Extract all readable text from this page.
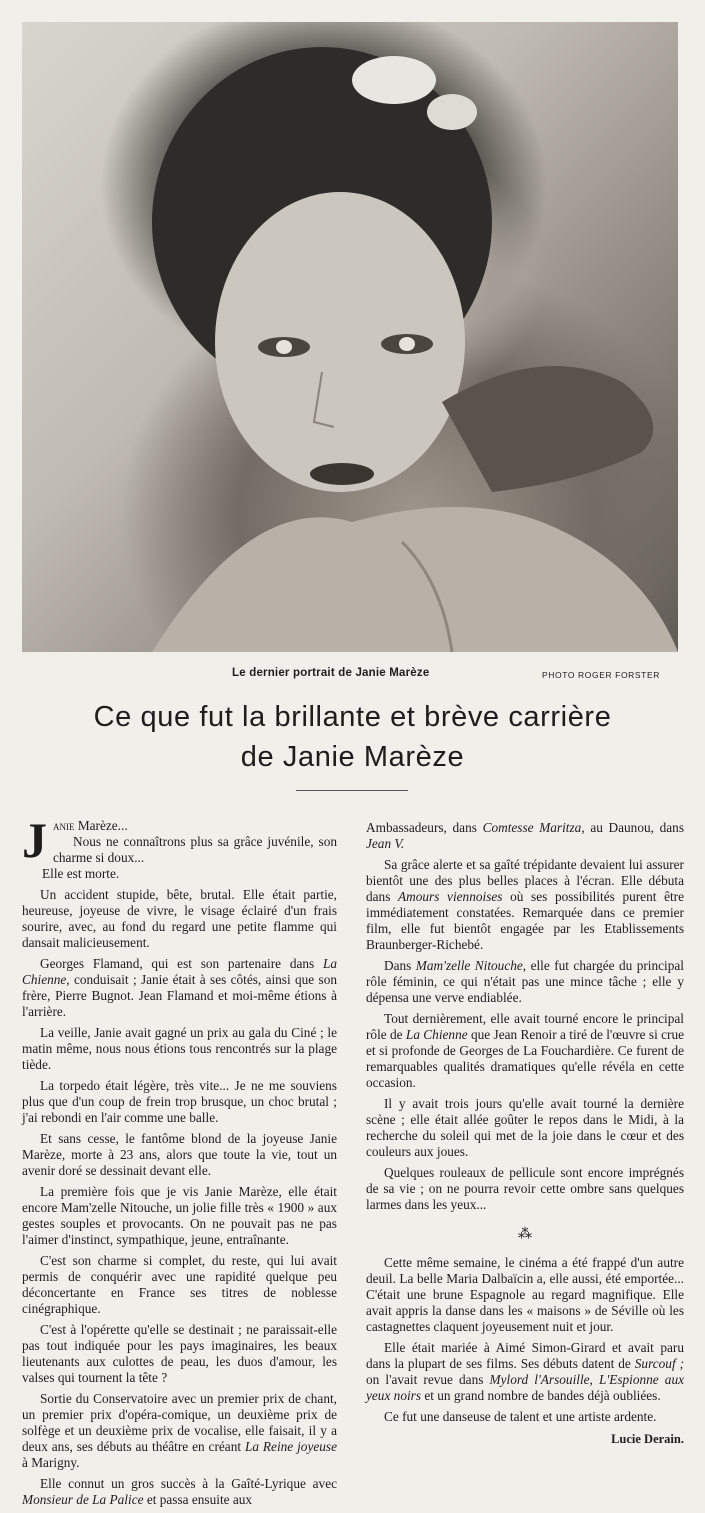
Le dernier portrait de Janie Marèze	PHOTO ROGER FORSTER
Ce que fut la brillante et brève carrière
de Janie Marèze

Janie Marèze...
Nous ne connaîtrons plus sa grâce juvénile, son charme si doux...
Elle est morte.

Un accident stupide, bête, brutal. Elle était partie, heureuse, joyeuse de vivre, le visage éclairé d'un frais sourire, avec, au fond du regard une petite flamme qui dansait malicieusement.

Georges Flamand, qui est son partenaire dans La Chienne, conduisait ; Janie était à ses côtés, ainsi que son frère, Pierre Bugnot. Jean Flamand et moi-même étions à l'arrière.

La veille, Janie avait gagné un prix au gala du Ciné ; le matin même, nous nous étions tous rencontrés sur la plage tiède.

La torpedo était légère, très vite... Je ne me souviens plus que d'un coup de frein trop brusque, un choc brutal ; j'ai rebondi en l'air comme une balle.

Et sans cesse, le fantôme blond de la joyeuse Janie Marèze, morte à 23 ans, alors que toute la vie, tout un avenir doré se dessinait devant elle.

La première fois que je vis Janie Marèze, elle était encore Mam'zelle Nitouche, un jolie fille très « 1900 » aux gestes souples et provocants. On ne pouvait pas ne pas l'aimer d'instinct, sympathique, jeune, entraînante.

C'est son charme si complet, du reste, qui lui avait permis de conquérir avec une rapidité quelque peu déconcertante en France ses titres de noblesse cinégraphique.

C'est à l'opérette qu'elle se destinait ; ne paraissait-elle pas tout indiquée pour les pays imaginaires, les beaux lieutenants aux culottes de peau, les duos d'amour, les valses qui tournent la tête ?

Sortie du Conservatoire avec un premier prix de chant, un premier prix d'opéra-comique, un deuxième prix de solfège et un deuxième prix de vocalise, elle faisait, il y a deux ans, ses débuts au théâtre en créant La Reine joyeuse à Marigny.

Elle connut un gros succès à la Gaîté-Lyrique avec Monsieur de La Palice et passa ensuite aux

Ambassadeurs, dans Comtesse Maritza, au Daunou, dans Jean V.

Sa grâce alerte et sa gaîté trépidante devaient lui assurer bientôt une des plus belles places à l'écran. Elle débuta dans Amours viennoises où ses possibilités purent être immédiatement constatées. Remarquée dans ce premier film, elle fut bientôt engagée par les Etablissements Braunberger-Richebé.

Dans Mam'zelle Nitouche, elle fut chargée du principal rôle féminin, ce qui n'était pas une mince tâche ; elle y dépensa une verve endiablée.

Tout dernièrement, elle avait tourné encore le principal rôle de La Chienne que Jean Renoir a tiré de l'œuvre si crue et si profonde de Georges de La Fouchardière. Ce furent de remarquables qualités dramatiques qu'elle révéla en cette occasion.

Il y avait trois jours qu'elle avait tourné la dernière scène ; elle était allée goûter le repos dans le Midi, à la recherche du soleil qui met de la joie dans le cœur et des couleurs aux joues.

Quelques rouleaux de pellicule sont encore imprégnés de sa vie ; on ne pourra revoir cette ombre sans quelques larmes dans les yeux...

⁂

Cette même semaine, le cinéma a été frappé d'un autre deuil. La belle Maria Dalbaïcin a, elle aussi, été emportée... C'était une brune Espagnole au regard magnifique. Elle avait appris la danse dans les « maisons » de Séville où les castagnettes claquent joyeusement nuit et jour.

Elle était mariée à Aimé Simon-Girard et avait paru dans la plupart de ses films. Ses débuts datent de Surcouf ; on l'avait revue dans Mylord l'Arsouille, L'Espionne aux yeux noirs et un grand nombre de bandes déjà oubliées.

Ce fut une danseuse de talent et une artiste ardente.

Lucie Derain.
